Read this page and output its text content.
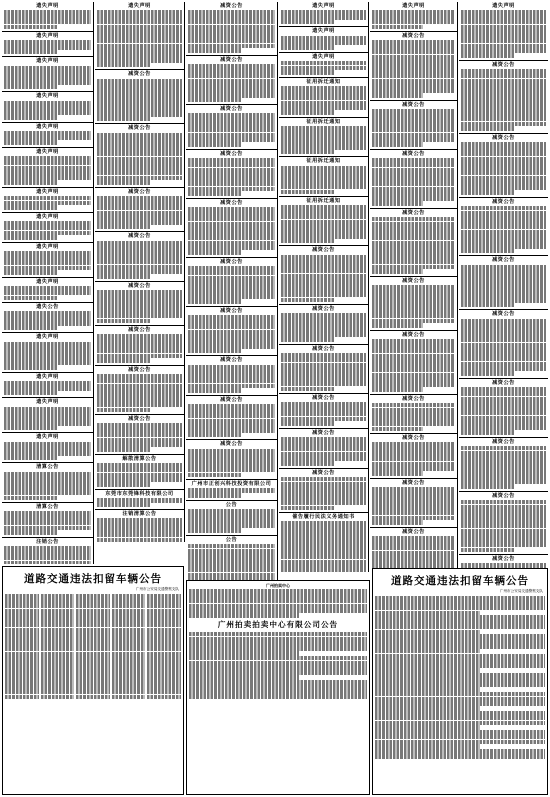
遗失声明
遗失声明
遗失声明
遗失声明
遗失声明
遗失声明
遗失声明
遗失声明
遗失声明
遗失声明
遗失公告
遗失声明
遗失声明
遗失声明
遗失声明
清算公告
清算公告
注销公告
遗失声明
减资公告
减资公告
减资公告
减资公告
减资公告
减资公告
减资公告
减资公告
解散清算公告
东莞市东莞锋科技有限公司
注销清算公告
减资公告
减资公告
减资公告
减资公告
减资公告
减资公告
减资公告
减资公告
减资公告
减资公告
广州市正创兴科技投资有限公司
公告
公告
遗失声明
遗失声明
遗失声明
征用拆迁通知
征用拆迁通知
征用拆迁通知
征用拆迁通知
减资公告
减资公告
减资公告
减资公告
减资公告
减资公告
催告履行民法义务通知书
遗失声明
减资公告
减资公告
减资公告
减资公告
减资公告
减资公告
减资公告
减资公告
减资公告
减资公告
遗失声明
减资公告
减资公告
减资公告
减资公告
减资公告
减资公告
减资公告
减资公告
减资公告
道路交通违法扣留车辆公告
广州市公安局交通警察支队
广州拍卖中心
广州拍卖拍卖中心有限公司公告
道路交通违法扣留车辆公告
广州市公安局交通警察支队
